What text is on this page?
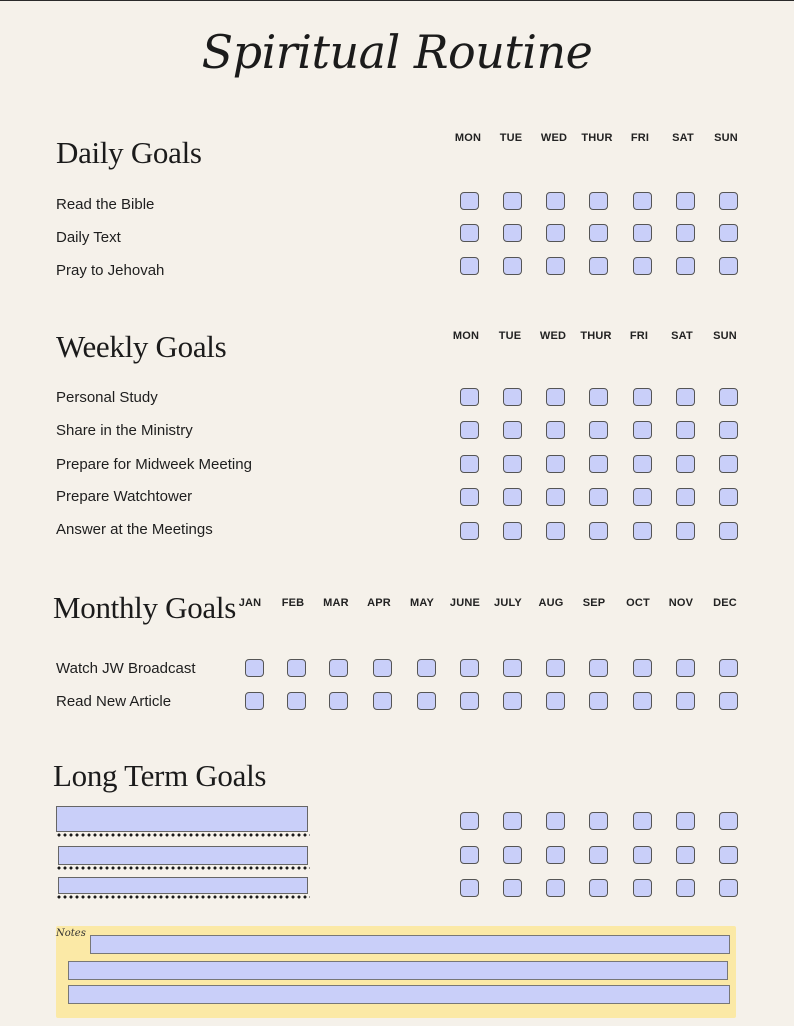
Spiritual Routine
Daily Goals	MON	TUE	WED	THUR	FRI	SAT	SUN
Read the Bible
Daily Text
Pray to Jehovah
Weekly Goals	MON	TUE	WED	THUR	FRI	SAT	SUN
Personal Study
Share in the Ministry
Prepare for Midweek Meeting
Prepare Watchtower
Answer at the Meetings
Monthly Goals JAN	FEB	MAR	APR	MAY	JUNE	JULY	AUG	SEP	OCT	NOV	DEC
Watch JW Broadcast
Read New Article
Long Term Goals
Notes
